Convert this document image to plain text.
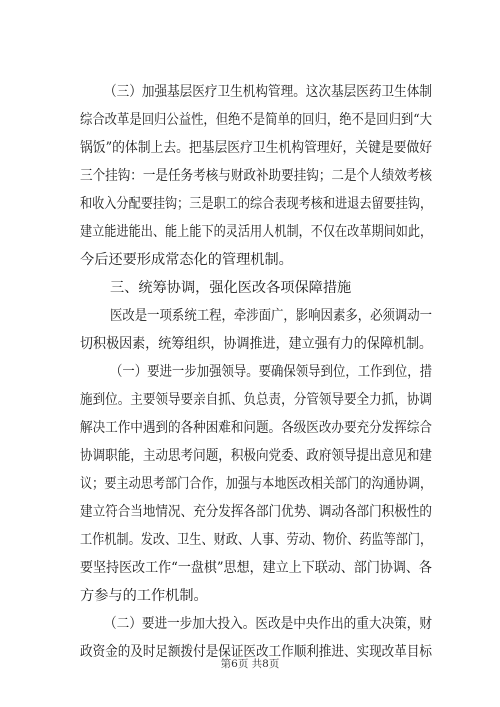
（三）加强基层医疗卫生机构管理。这次基层医药卫生体制
综合改革是回归公益性，但绝不是简单的回归，绝不是回归到“大
锅饭”的体制上去。把基层医疗卫生机构管理好，关键是要做好
三个挂钩：一是任务考核与财政补助要挂钩；二是个人绩效考核
和收入分配要挂钩；三是职工的综合表现考核和进退去留要挂钩，
建立能进能出、能上能下的灵活用人机制，不仅在改革期间如此，
今后还要形成常态化的管理机制。
三、统筹协调，强化医改各项保障措施
医改是一项系统工程，牵涉面广，影响因素多，必须调动一
切积极因素，统筹组织，协调推进，建立强有力的保障机制。
（一）要进一步加强领导。要确保领导到位，工作到位，措
施到位。主要领导要亲自抓、负总责，分管领导要全力抓，协调
解决工作中遇到的各种困难和问题。各级医改办要充分发挥综合
协调职能，主动思考问题，积极向党委、政府领导提出意见和建
议；要主动思考部门合作，加强与本地医改相关部门的沟通协调，
建立符合当地情况、充分发挥各部门优势、调动各部门积极性的
工作机制。发改、卫生、财政、人事、劳动、物价、药监等部门，
要坚持医改工作“一盘棋”思想，建立上下联动、部门协调、各
方参与的工作机制。
（二）要进一步加大投入。医改是中央作出的重大决策，财
政资金的及时足额拨付是保证医改工作顺利推进、实现改革目标
第6页 共8页
